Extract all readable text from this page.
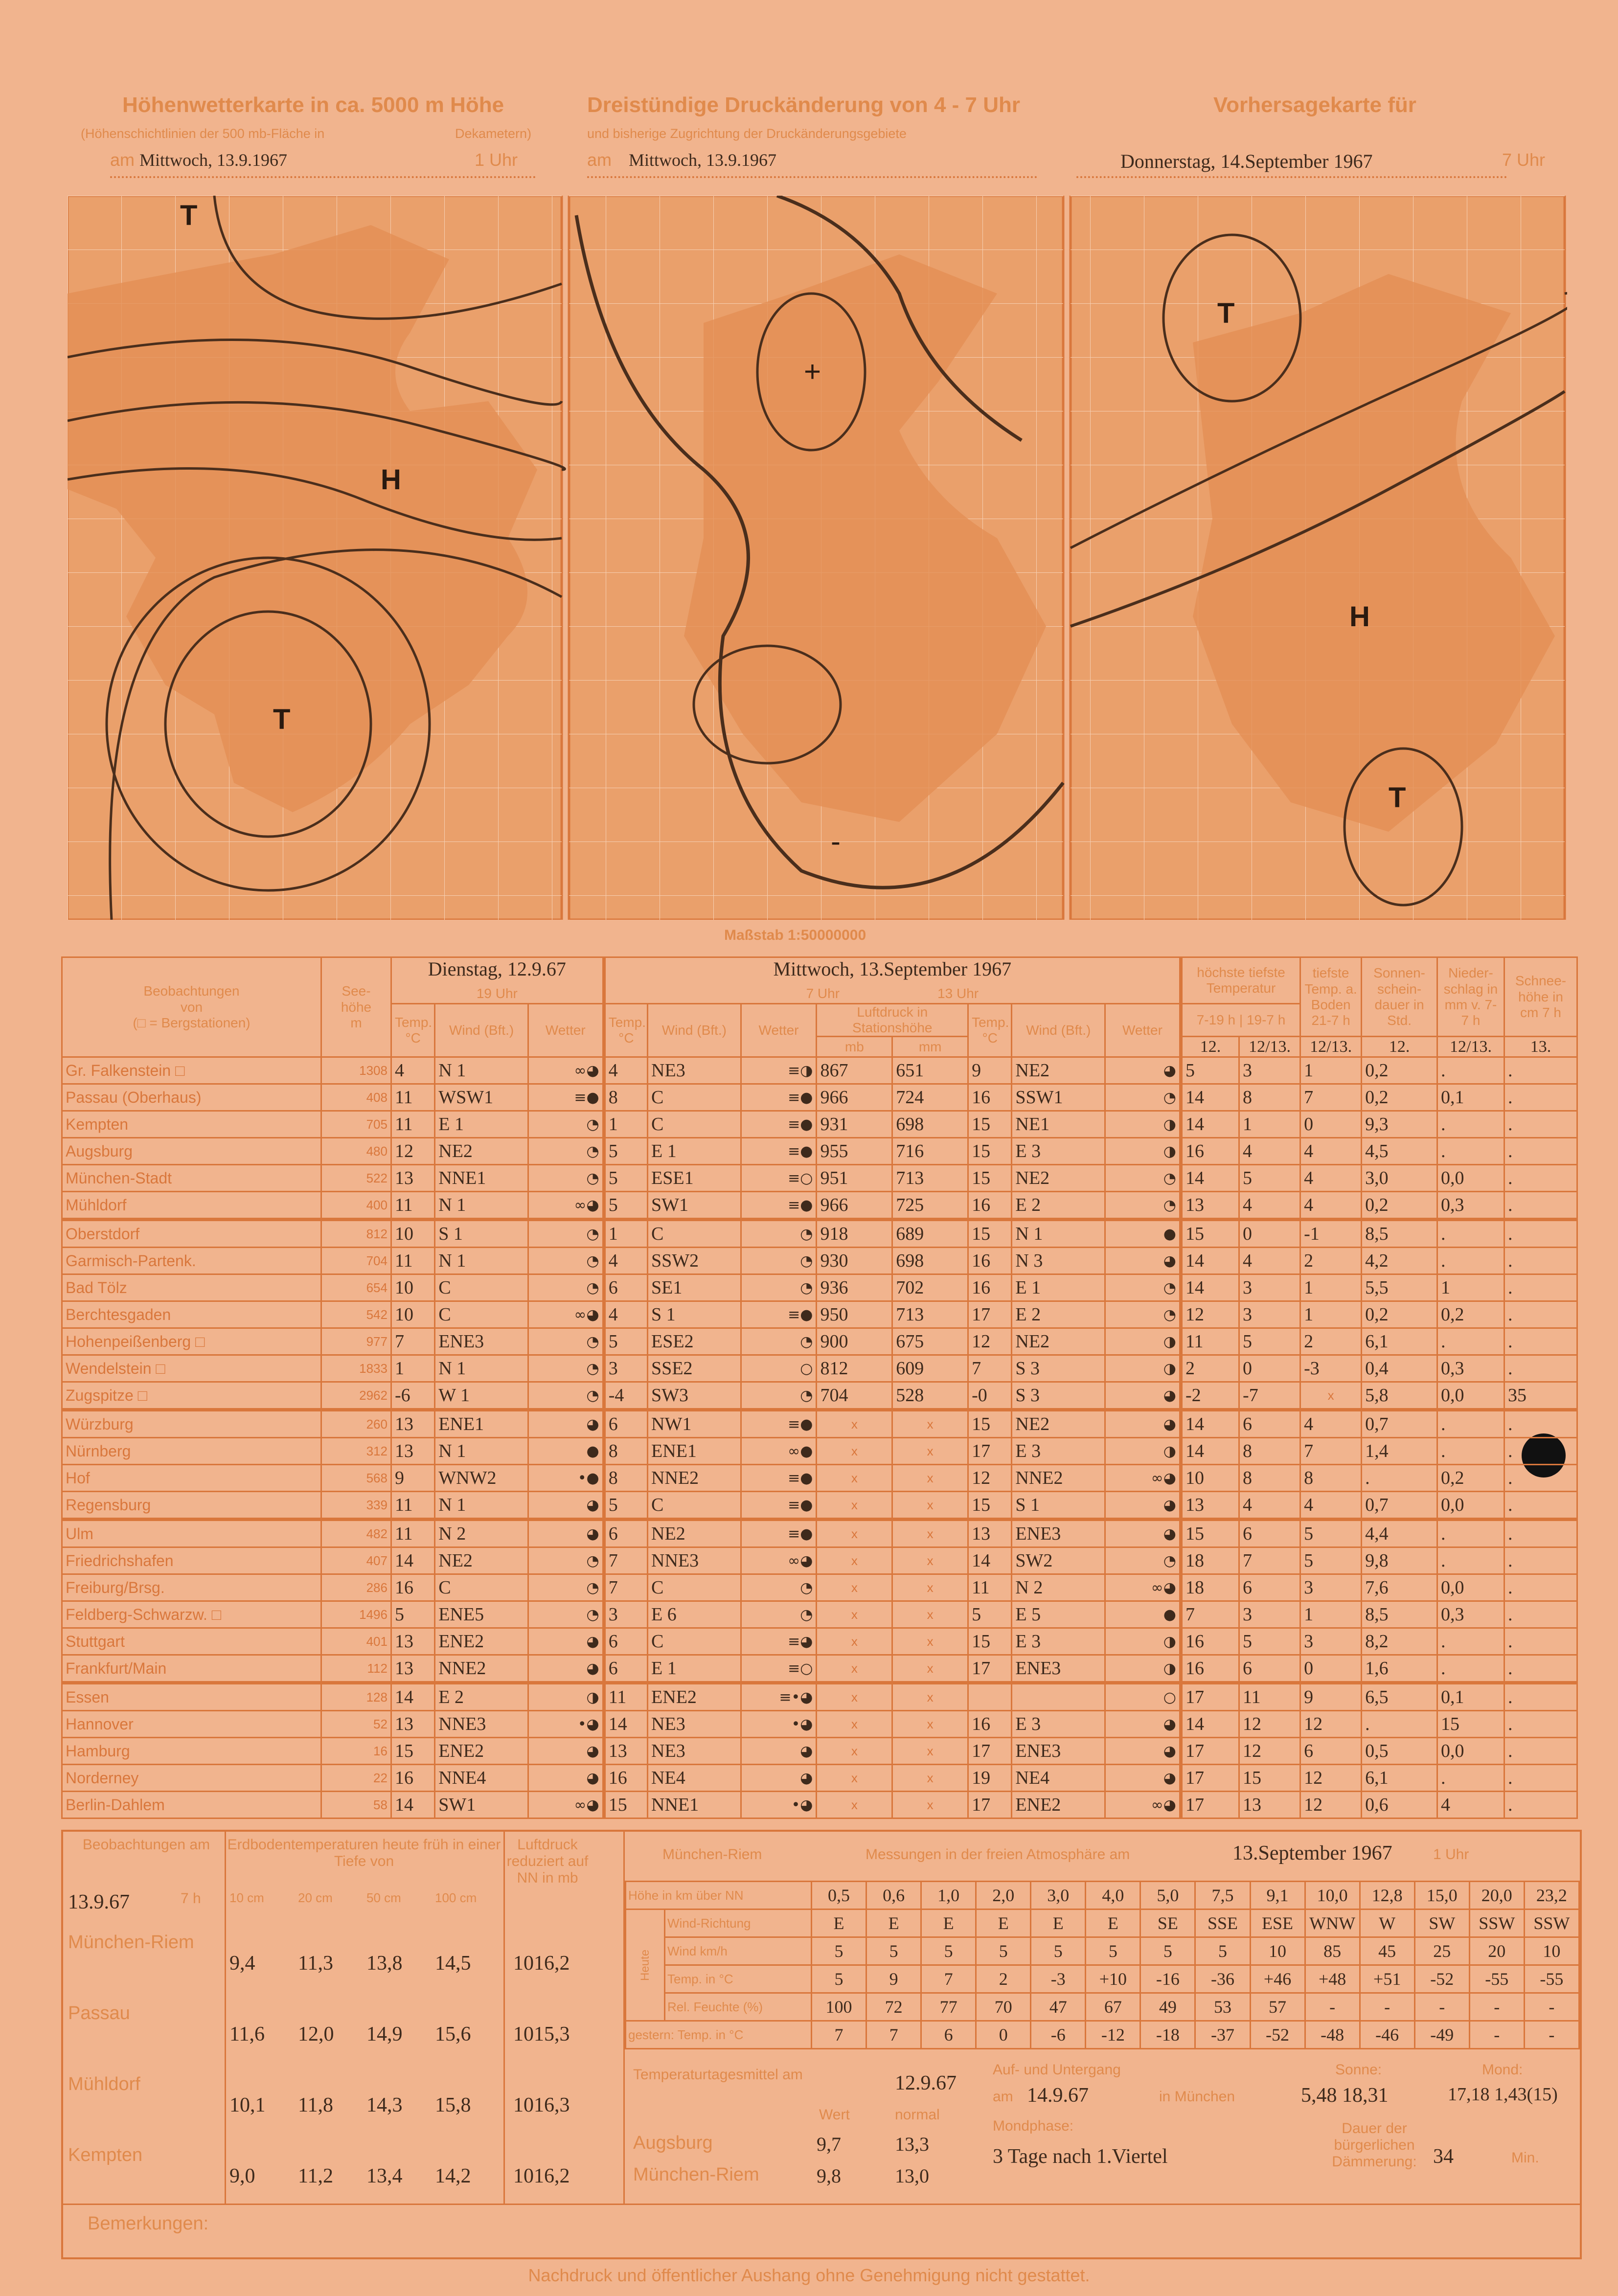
Höhenwetterkarte in ca. 5000 m Höhe
(Höhenschichtlinien der 500 mb-Fläche in	Dekametern)
am Mittwoch, 13.9.1967	1 Uhr
Dreistündige Druckänderung von 4 - 7 Uhr
und bisherige Zugrichtung der Druckänderungsgebiete
am Mittwoch, 13.9.1967
Vorhersagekarte für
Donnerstag, 14.September 1967	7 Uhr
T
H
T
+
-
T
H
T
Maßstab 1:50000000
Beobachtungen
von
(□ = Bergstationen)	See-
höhe
m	Dienstag, 12.9.67
19 Uhr			Mittwoch, 13.September 1967
7 Uhr 13 Uhr								höchste tiefste Temperatur		tiefste Temp. a. Boden 21-7 h	Sonnen-schein-dauer in Std.	Nieder-schlag in mm v. 7-7 h	Schnee-höhe in cm 7 h
		Temp. °C	Wind (Bft.)	Wetter	Temp. °C	Wind (Bft.)	Wetter	Luftdruck in Stationshöhe		Temp. °C	Wind (Bft.)	Wetter	7-19 h | 19-7 h					
								mb	mm				12.	12/13.	12/13.	12.	12/13.	13.
Gr. Falkenstein □	1308	4	N 1	∞◕	4	NE3	≡◑	867	651	9	NE2	◕	5	3	1	0,2	.	.
Passau (Oberhaus)	408	11	WSW1	≡●	8	C	≡●	966	724	16	SSW1	◔	14	8	7	0,2	0,1	.
Kempten	705	11	E 1	◔	1	C	≡●	931	698	15	NE1	◑	14	1	0	9,3	.	.
Augsburg	480	12	NE2	◔	5	E 1	≡●	955	716	15	E 3	◑	16	4	4	4,5	.	.
München-Stadt	522	13	NNE1	◔	5	ESE1	≡○	951	713	15	NE2	◔	14	5	4	3,0	0,0	.
Mühldorf	400	11	N 1	∞◕	5	SW1	≡●	966	725	16	E 2	◔	13	4	4	0,2	0,3	.
Oberstdorf	812	10	S 1	◔	1	C	◔	918	689	15	N 1	●	15	0	-1	8,5	.	.
Garmisch-Partenk.	704	11	N 1	◔	4	SSW2	◔	930	698	16	N 3	◕	14	4	2	4,2	.	.
Bad Tölz	654	10	C	◔	6	SE1	◔	936	702	16	E 1	◔	14	3	1	5,5	1	.
Berchtesgaden	542	10	C	∞◕	4	S 1	≡●	950	713	17	E 2	◔	12	3	1	0,2	0,2	.
Hohenpeißenberg □	977	7	ENE3	◔	5	ESE2	◔	900	675	12	NE2	◑	11	5	2	6,1	.	.
Wendelstein □	1833	1	N 1	◔	3	SSE2	○	812	609	7	S 3	◑	2	0	-3	0,4	0,3	.
Zugspitze □	2962	-6	W 1	◔	-4	SW3	◔	704	528	-0	S 3	◕	-2	-7	x	5,8	0,0	35
Würzburg	260	13	ENE1	◕	6	NW1	≡●	x	x	15	NE2	◕	14	6	4	0,7	.	.
Nürnberg	312	13	N 1	●	8	ENE1	∞●	x	x	17	E 3	◑	14	8	7	1,4	.	.
Hof	568	9	WNW2	•●	8	NNE2	≡●	x	x	12	NNE2	∞◕	10	8	8	.	0,2	.
Regensburg	339	11	N 1	◕	5	C	≡●	x	x	15	S 1	◕	13	4	4	0,7	0,0	.
Ulm	482	11	N 2	◕	6	NE2	≡●	x	x	13	ENE3	◕	15	6	5	4,4	.	.
Friedrichshafen	407	14	NE2	◔	7	NNE3	∞◕	x	x	14	SW2	◔	18	7	5	9,8	.	.
Freiburg/Brsg.	286	16	C	◔	7	C	◔	x	x	11	N 2	∞◕	18	6	3	7,6	0,0	.
Feldberg-Schwarzw. □	1496	5	ENE5	◔	3	E 6	◔	x	x	5	E 5	●	7	3	1	8,5	0,3	.
Stuttgart	401	13	ENE2	◕	6	C	≡◕	x	x	15	E 3	◑	16	5	3	8,2	.	.
Frankfurt/Main	112	13	NNE2	◕	6	E 1	≡○	x	x	17	ENE3	◑	16	6	0	1,6	.	.
Essen	128	14	E 2	◑	11	ENE2	≡•◕	x	x			○	17	11	9	6,5	0,1	.
Hannover	52	13	NNE3	•◕	14	NE3	•◕	x	x	16	E 3	◕	14	12	12	.	15	.
Hamburg	16	15	ENE2	◕	13	NE3	◕	x	x	17	ENE3	◕	17	12	6	0,5	0,0	.
Norderney	22	16	NNE4	◕	16	NE4	◕	x	x	19	NE4	◕	17	15	12	6,1	.	.
Berlin-Dahlem	58	14	SW1	∞◕	15	NNE1	•◕	x	x	17	ENE2	∞◕	17	13	12	0,6	4	.
Beobachtungen am
13.9.67	7 h
Erdbodentemperaturen heute früh in einer Tiefe von
Luftdruck reduziert auf NN in mb
10 cm	20 cm	50 cm	100 cm
München-Riem
9,4 11,3 13,8 14,5 1016,2
Passau
11,6 12,0 14,9 15,6 1015,3
Mühldorf
10,1 11,8 14,3 15,8 1016,3
Kempten
9,0 11,2 13,4 14,2 1016,2
München-Riem	Messungen in der freien Atmosphäre am	13.September 1967	1 Uhr
Höhe in km über NN		0,5	0,6	1,0	2,0	3,0	4,0	5,0	7,5	9,1	10,0	12,8	15,0	20,0	23,2
Heute	Wind-Richtung	E	E	E	E	E	E	SE	SSE	ESE	WNW	W	SW	SSW	SSW
	Wind km/h	5	5	5	5	5	5	5	5	10	85	45	25	20	10
	Temp. in °C	5	9	7	2	-3	+10	-16	-36	+46	+48	+51	-52	-55	-55
	Rel. Feuchte (%)	100	72	77	70	47	67	49	53	57	-	-	-	-	-
gestern: Temp. in °C		7	7	6	0	-6	-12	-18	-37	-52	-48	-46	-49	-	-
Temperaturtagesmittel am	12.9.67
Wert	normal
Augsburg	9,7	13,3
München-Riem	9,8	13,0
Auf- und Untergang
am 14.9.67	in München
Sonne:
5,48 18,31
Mond:
17,18 1,43(15)
Mondphase:
3 Tage nach 1.Viertel
Dauer der bürgerlichen Dämmerung: 34	Min.
Bemerkungen:
Nachdruck und öffentlicher Aushang ohne Genehmigung nicht gestattet.
